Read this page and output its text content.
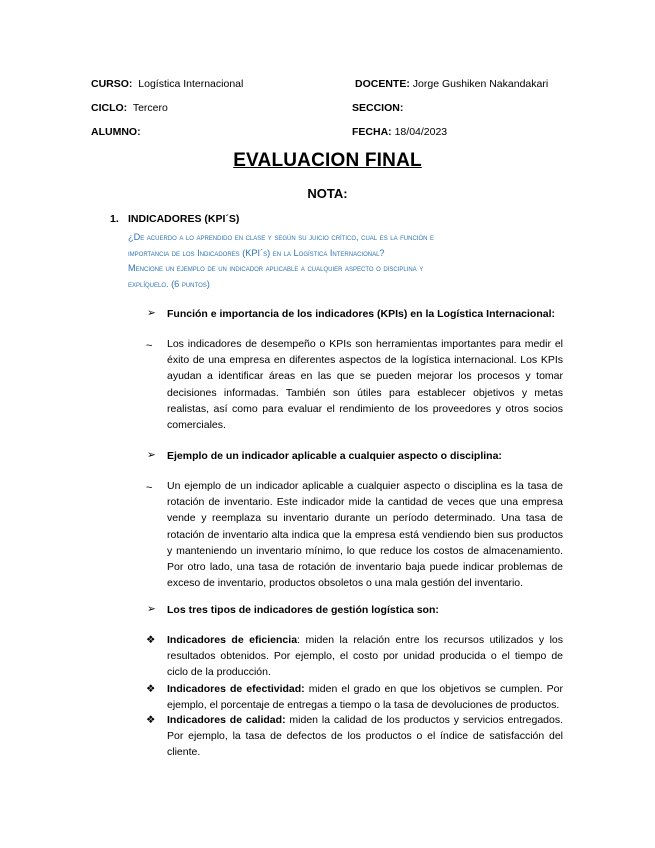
CURSO: Logística Internacional	DOCENTE: Jorge Gushiken Nakandakari
CICLO: Tercero	SECCION:
ALUMNO:	FECHA: 18/04/2023
EVALUACION FINAL
NOTA:
1. INDICADORES (KPI´S)
¿De acuerdo a lo aprendido en clase y según su juicio crítico, cual es la función e
importancia de los Indicadores (KPI´s) en la Logística Internacional?
Mencione un ejemplo de un indicador aplicable a cualquier aspecto o disciplina y
explíquelo. (6 puntos)
➢ Función e importancia de los indicadores (KPIs) en la Logística Internacional:
~ Los indicadores de desempeño o KPIs son herramientas importantes para medir el
éxito de una empresa en diferentes aspectos de la logística internacional. Los KPIs
ayudan a identificar áreas en las que se pueden mejorar los procesos y tomar
decisiones informadas. También son útiles para establecer objetivos y metas
realistas, así como para evaluar el rendimiento de los proveedores y otros socios
comerciales.
➢ Ejemplo de un indicador aplicable a cualquier aspecto o disciplina:
~ Un ejemplo de un indicador aplicable a cualquier aspecto o disciplina es la tasa de
rotación de inventario. Este indicador mide la cantidad de veces que una empresa
vende y reemplaza su inventario durante un período determinado. Una tasa de
rotación de inventario alta indica que la empresa está vendiendo bien sus productos
y manteniendo un inventario mínimo, lo que reduce los costos de almacenamiento.
Por otro lado, una tasa de rotación de inventario baja puede indicar problemas de
exceso de inventario, productos obsoletos o una mala gestión del inventario.
➢ Los tres tipos de indicadores de gestión logística son:
❖ Indicadores de eficiencia: miden la relación entre los recursos utilizados y los
resultados obtenidos. Por ejemplo, el costo por unidad producida o el tiempo de
ciclo de la producción.
❖ Indicadores de efectividad: miden el grado en que los objetivos se cumplen. Por
ejemplo, el porcentaje de entregas a tiempo o la tasa de devoluciones de productos.
❖ Indicadores de calidad: miden la calidad de los productos y servicios entregados.
Por ejemplo, la tasa de defectos de los productos o el índice de satisfacción del
cliente.
